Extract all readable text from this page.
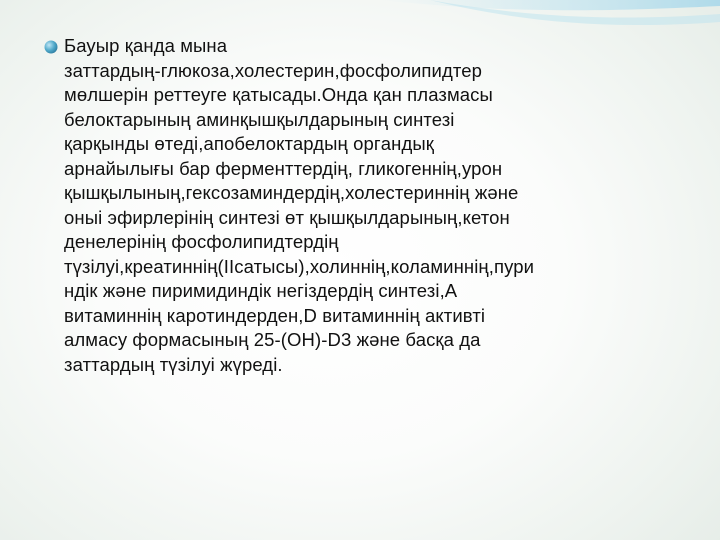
Бауыр қанда мына
заттардың-глюкоза,холестерин,фосфолипидтер
мөлшерін реттеуге қатысады.Онда қан плазмасы
белоктарының аминқышқылдарының синтезі
қарқынды өтеді,апобелоктардың оргaндық
арнайылығы бар ферменттердің, гликогеннің,урон
қышқылының,гексозаминдердің,холестериннің және
оныі эфирлерінің синтезі өт қышқылдарының,кетон
денелерінің фосфолипидтердің
түзілуі,креатиннің(ІІсатысы),холиннің,коламиннің,пури
ндік және пиримидиндік негіздердің синтезі,А
витаминнің каротиндерден,D витаминнің активті
алмасу формасының 25-(ОН)-D3 жәнe басқа да
заттардың түзілуі жүреді.
